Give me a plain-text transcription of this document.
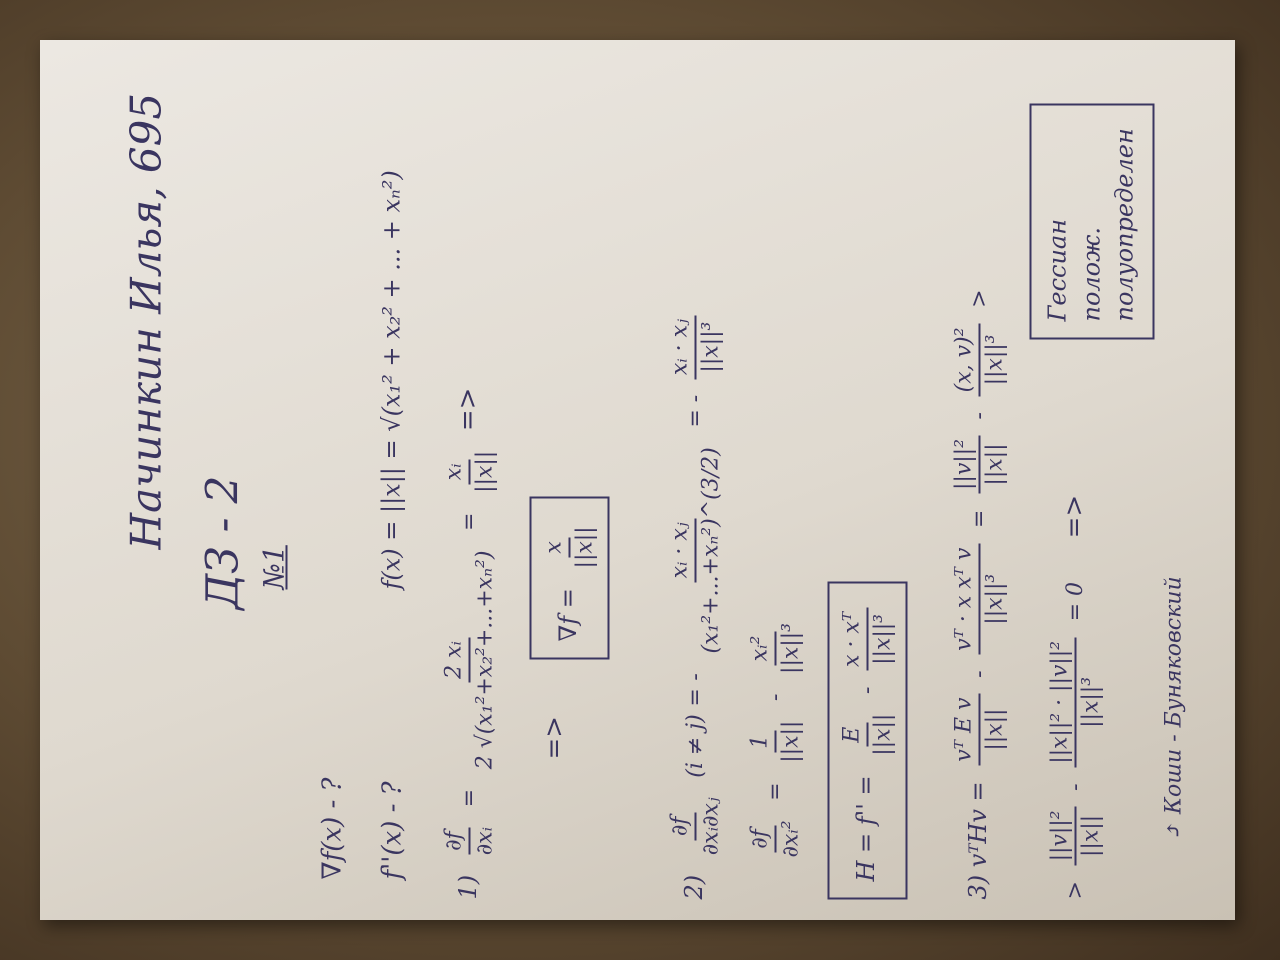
Начинкин Илья, 695 ДЗ - 2 №1
∇f(x) - ? f''(x) - ?
f(x) = ||x|| = √(x₁² + x₂² + ... + xₙ²)
1)
∂f ∂xᵢ
=
2 xᵢ 2 √(x₁²+x₂²+...+xₙ²)
=
xᵢ ||x||
=>
=>
∇f =
x ||x||
2)
∂f ∂xᵢ∂xⱼ
(i ≠ j) = -
xᵢ · xⱼ (x₁²+...+xₙ²)^(3/2)
= -
xᵢ · xⱼ ||x||³
∂f ∂xᵢ²
=
1 ||x||
-
xᵢ² ||x||³
H = f'' =
E ||x||
-
x · xᵀ ||x||³
3) vᵀHv =
vᵀ E v ||x||
-
vᵀ · x xᵀ v ||x||³
=
||v||² ||x||
-
(x, v)² ||x||³
>
>
||v||² ||x||
-
||x||² · ||v||² ||x||³
= 0 =>
Гессиан полож. полуопределен
⤴ Коши - Буняковский
